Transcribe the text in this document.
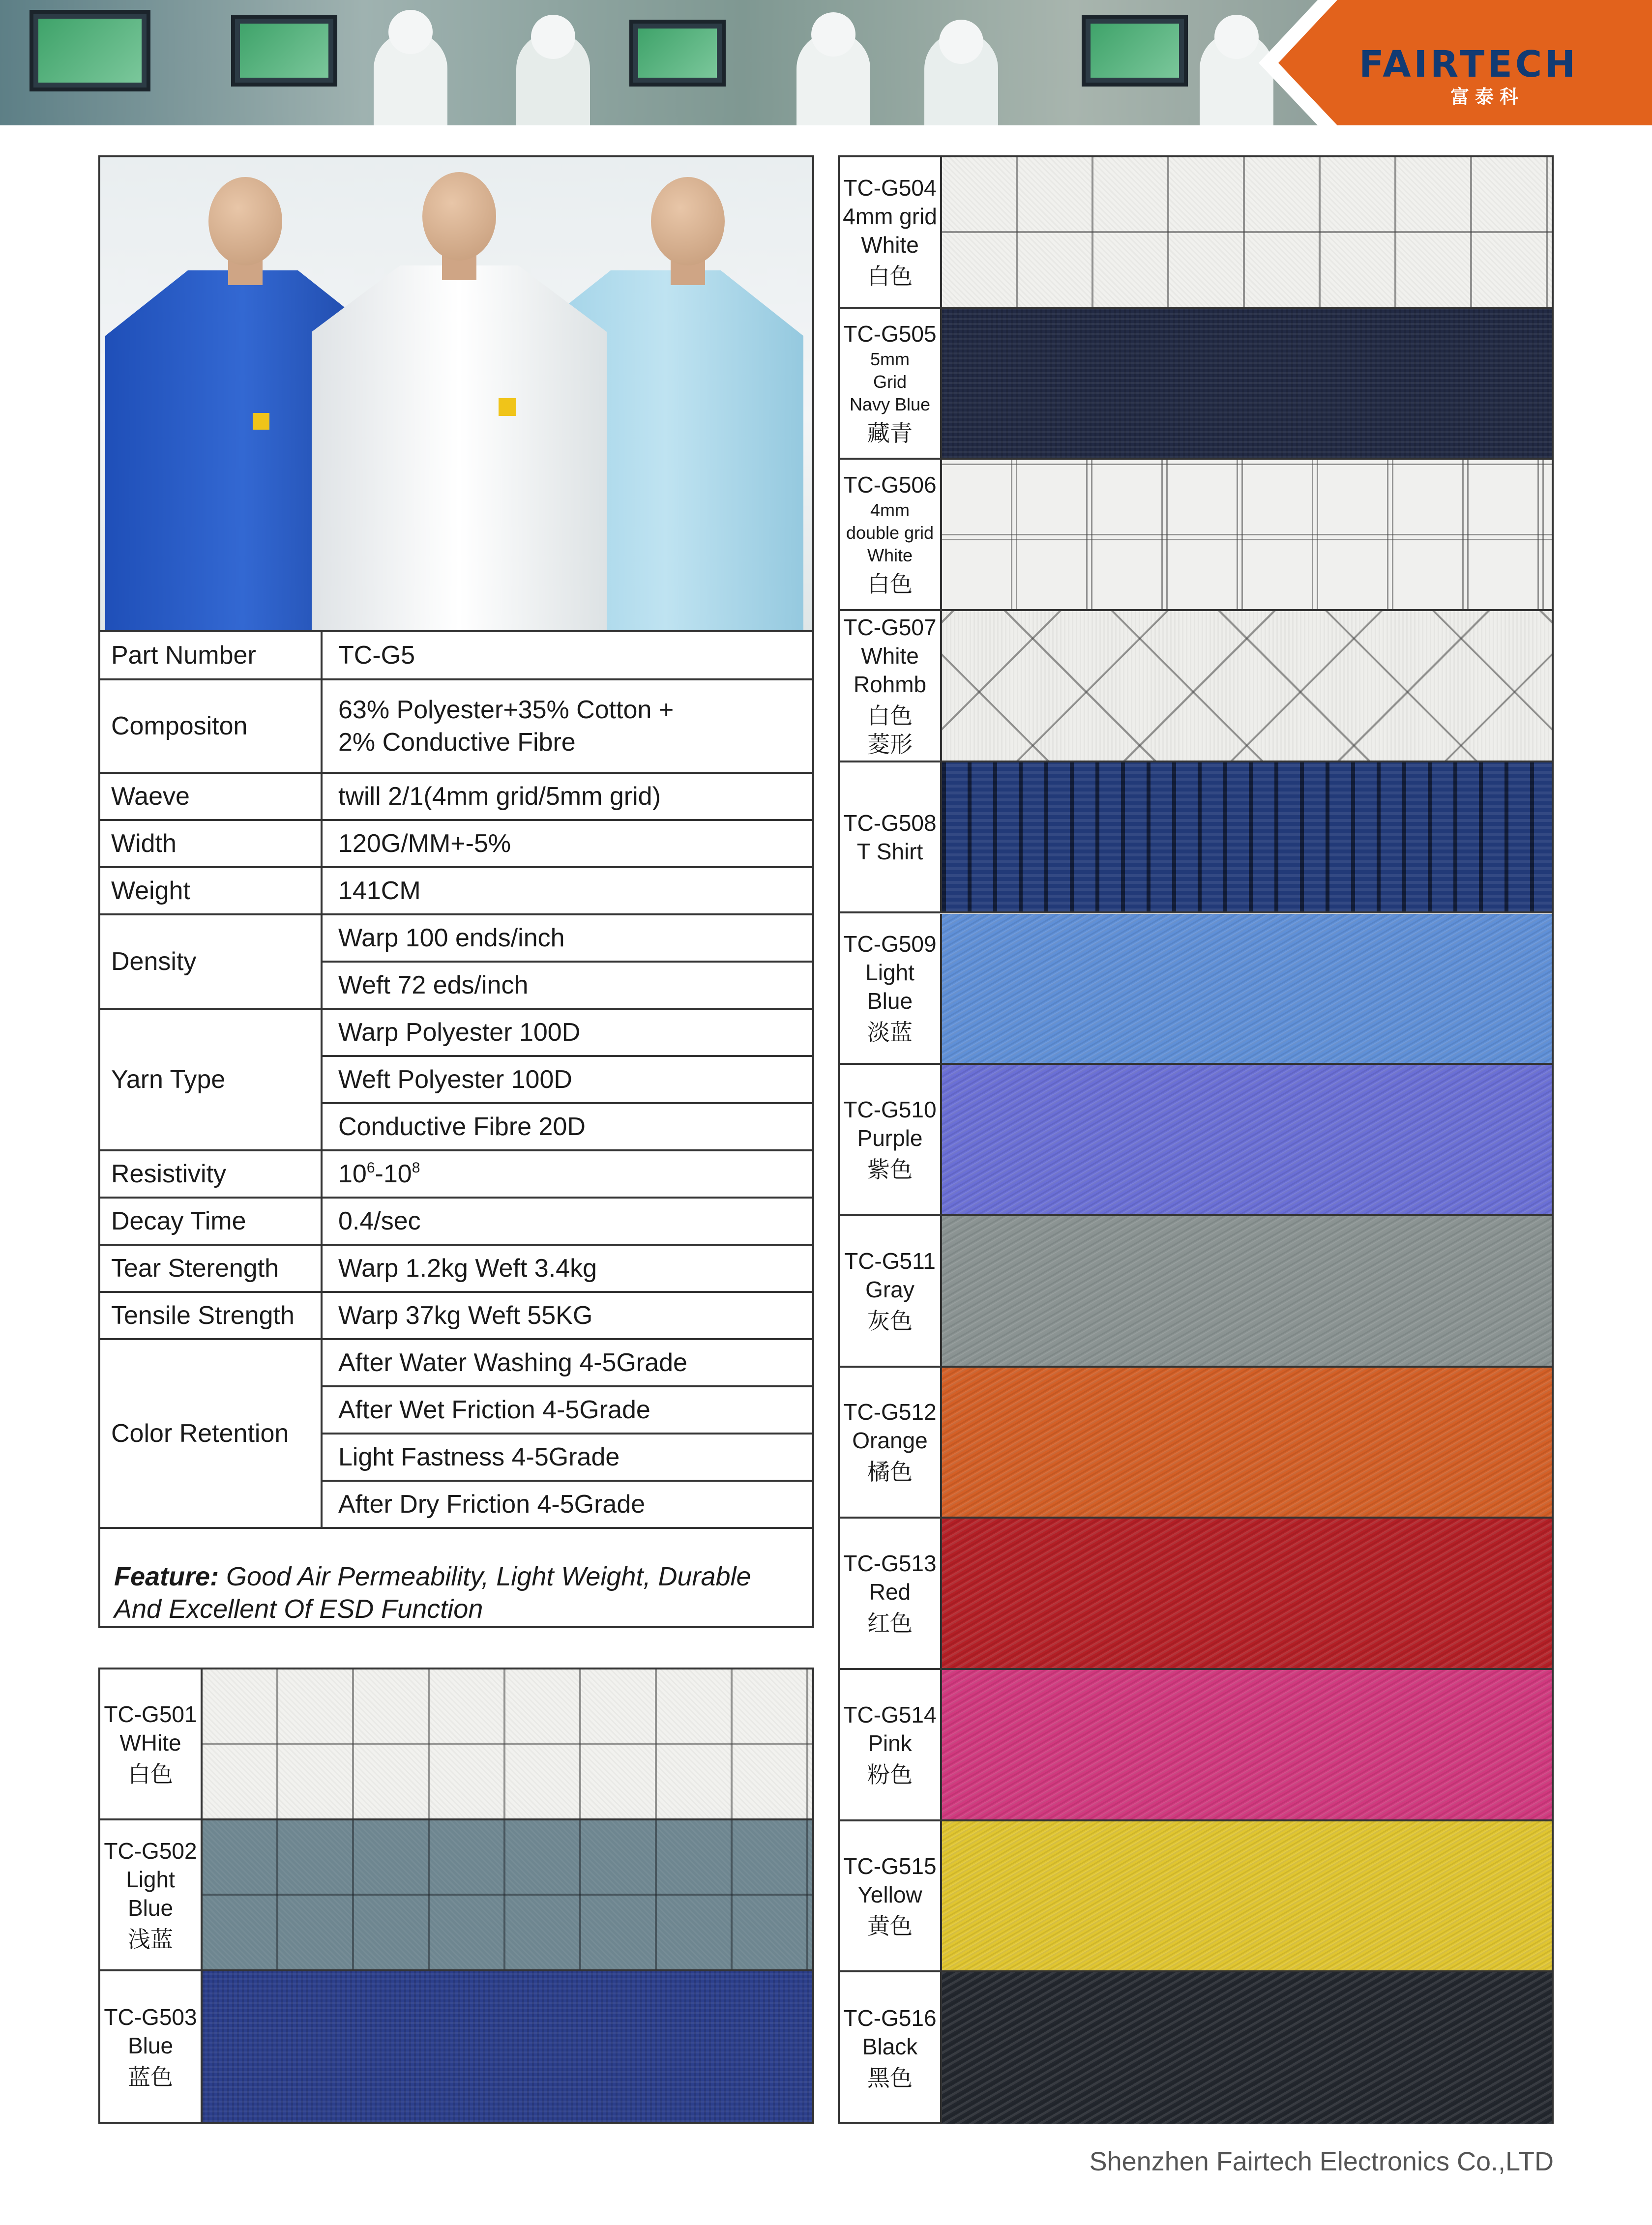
FAIRTECH
富泰科
Part Number	TC-G5
Compositon	63% Polyester+35% Cotton +
2% Conductive Fibre
Waeve	twill 2/1(4mm grid/5mm grid)
Width	120G/MM+-5%
Weight	141CM
Density	Warp 100 ends/inch
	Weft 72 eds/inch
Yarn Type	Warp Polyester 100D
	Weft Polyester 100D
	Conductive Fibre 20D
Resistivity	$10^6-10^8$
Decay Time	0.4/sec
Tear Sterength	Warp 1.2kg Weft 3.4kg
Tensile Strength	Warp 37kg Weft 55KG
Color Retention	After Water Washing 4-5Grade
	After Wet Friction 4-5Grade
	Light Fastness 4-5Grade
	After Dry Friction 4-5Grade
Feature: Good Air Permeability, Light Weight, Durable
And Excellent Of ESD Function
TC-G501
WHite
白色
TC-G502
Light
Blue
浅蓝
TC-G503
Blue
蓝色
TC-G504
4mm grid
White
白色
TC-G505
5mm
Grid
Navy Blue
藏青
TC-G506
4mm
double grid
White
白色
TC-G507
White
Rohmb
白色
菱形
TC-G508
T Shirt
TC-G509
Light
Blue
淡蓝
TC-G510
Purple
紫色
TC-G511
Gray
灰色
TC-G512
Orange
橘色
TC-G513
Red
红色
TC-G514
Pink
粉色
TC-G515
Yellow
黄色
TC-G516
Black
黑色
Shenzhen Fairtech Electronics Co.,LTD
